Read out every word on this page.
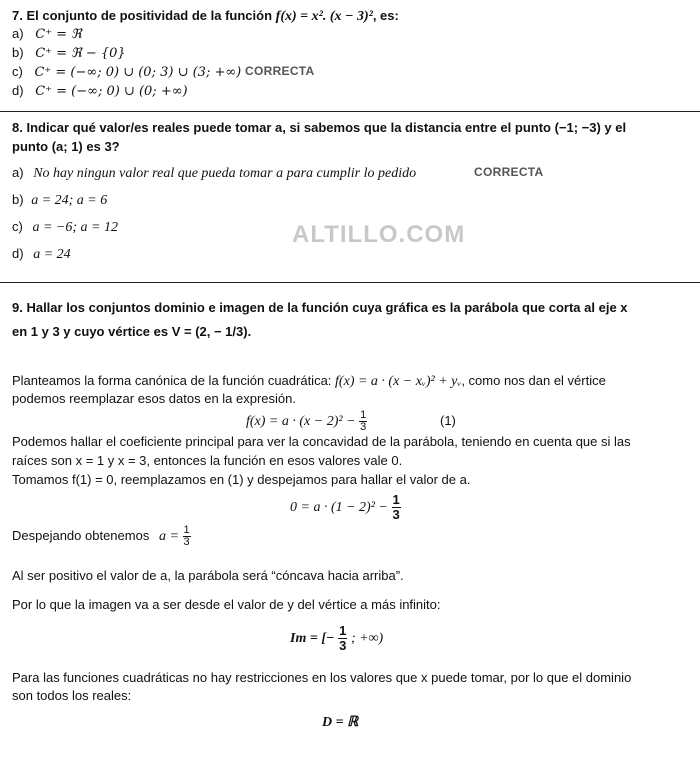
7. El conjunto de positividad de la función f(x) = x². (x − 3)², es:
a) C⁺ = ℜ
b) C⁺ = ℜ − {0}
c) C⁺ = (−∞; 0) ∪ (0; 3) ∪ (3; +∞) CORRECTA
d) C⁺ = (−∞; 0) ∪ (0; +∞)
8. Indicar qué valor/es reales puede tomar a, si sabemos que la distancia entre el punto (−1; −3) y el
punto (a; 1) es 3?
a) No hay ningun valor real que pueda tomar a para cumplir lo pedido	CORRECTA
b) a = 24; a = 6
c) a = −6; a = 12
d) a = 24
ALTILLO.COM
9. Hallar los conjuntos dominio e imagen de la función cuya gráfica es la parábola que corta al eje x
en 1 y 3 y cuyo vértice es V = (2, − 1/3).
Planteamos la forma canónica de la función cuadrática: f(x) = a · (x − xᵥ)² + yᵥ, como nos dan el vértice
podemos reemplazar esos datos en la expresión.
$f(x) = a \cdot (x - 2)^2 - \frac{1}{3}$	(1)
Podemos hallar el coeficiente principal para ver la concavidad de la parábola, teniendo en cuenta que si las
raíces son x = 1 y x = 3, entonces la función en esos valores vale 0.
Tomamos f(1) = 0, reemplazamos en (1) y despejamos para hallar el valor de a.
$0 = a \cdot (1 - 2)^2 - \frac{1}{3}$
Despejando obtenemos $a = \frac{1}{3}$
Al ser positivo el valor de a, la parábola será “cóncava hacia arriba”.
Por lo que la imagen va a ser desde el valor de y del vértice a más infinito:
Im = [− $\frac{1}{3}$ ; +∞)
Para las funciones cuadráticas no hay restricciones en los valores que x puede tomar, por lo que el dominio
son todos los reales:
D = ℝ
